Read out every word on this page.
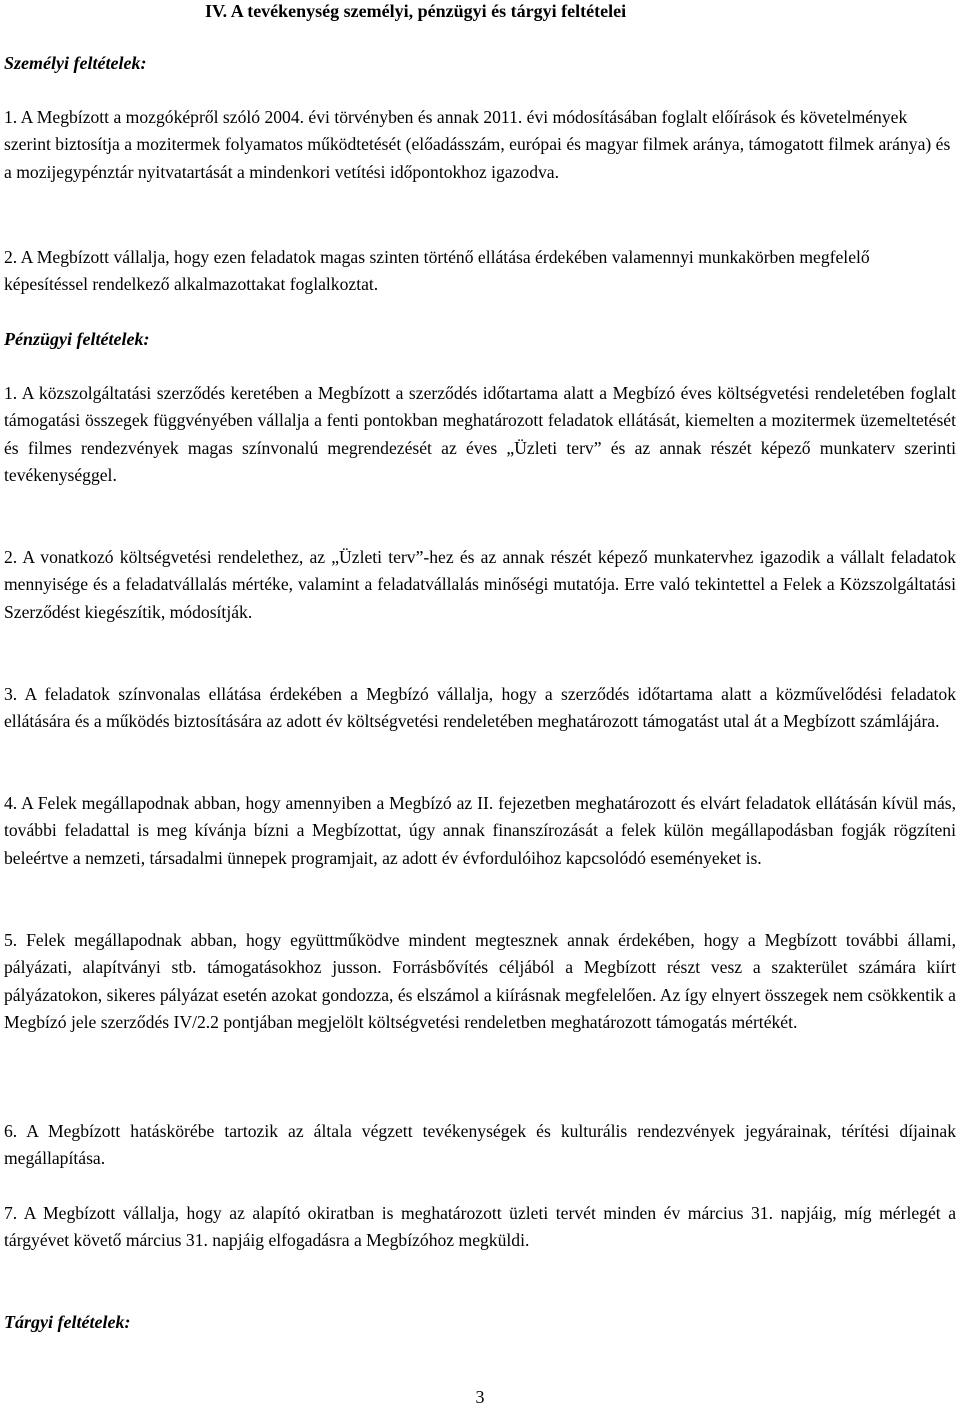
IV. A tevékenység személyi, pénzügyi és tárgyi feltételei
Személyi feltételek:

1. A Megbízott a mozgóképről szóló 2004. évi törvényben és annak 2011. évi módosításában foglalt előírások és követelmények szerint biztosítja a mozitermek folyamatos működtetését (előadásszám, európai és magyar filmek aránya, támogatott filmek aránya) és a mozijegypénztár nyitvatartását a mindenkori vetítési időpontokhoz igazodva.

2. A Megbízott vállalja, hogy ezen feladatok magas szinten történő ellátása érdekében valamennyi munkakörben megfelelő képesítéssel rendelkező alkalmazottakat foglalkoztat.

Pénzügyi feltételek:

1. A közszolgáltatási szerződés keretében a Megbízott a szerződés időtartama alatt a Megbízó éves költségvetési rendeletében foglalt támogatási összegek függvényében vállalja a fenti pontokban meghatározott feladatok ellátását, kiemelten a mozitermek üzemeltetését és filmes rendezvények magas színvonalú megrendezését az éves „Üzleti terv” és az annak részét képező munkaterv szerinti tevékenységgel.

2. A vonatkozó költségvetési rendelethez, az „Üzleti terv”-hez és az annak részét képező munkatervhez igazodik a vállalt feladatok mennyisége és a feladatvállalás mértéke, valamint a feladatvállalás minőségi mutatója. Erre való tekintettel a Felek a Közszolgáltatási Szerződést kiegészítik, módosítják.

3. A feladatok színvonalas ellátása érdekében a Megbízó vállalja, hogy a szerződés időtartama alatt a közművelődési feladatok ellátására és a működés biztosítására az adott év költségvetési rendeletében meghatározott támogatást utal át a Megbízott számlájára.

4. A Felek megállapodnak abban, hogy amennyiben a Megbízó az II. fejezetben meghatározott és elvárt feladatok ellátásán kívül más, további feladattal is meg kívánja bízni a Megbízottat, úgy annak finanszírozását a felek külön megállapodásban fogják rögzíteni beleértve a nemzeti, társadalmi ünnepek programjait, az adott év évfordulóihoz kapcsolódó eseményeket is.

5. Felek megállapodnak abban, hogy együttműködve mindent megtesznek annak érdekében, hogy a Megbízott további állami, pályázati, alapítványi stb. támogatásokhoz jusson. Forrásbővítés céljából a Megbízott részt vesz a szakterület számára kiírt pályázatokon, sikeres pályázat esetén azokat gondozza, és elszámol a kiírásnak megfelelően. Az így elnyert összegek nem csökkentik a Megbízó jele szerződés IV/2.2 pontjában megjelölt költségvetési rendeletben meghatározott támogatás mértékét.

6. A Megbízott hatáskörébe tartozik az általa végzett tevékenységek és kulturális rendezvények jegyárainak, térítési díjainak megállapítása.

7. A Megbízott vállalja, hogy az alapító okiratban is meghatározott üzleti tervét minden év március 31. napjáig, míg mérlegét a tárgyévet követő március 31. napjáig elfogadásra a Megbízóhoz megküldi.

Tárgyi feltételek:

3
